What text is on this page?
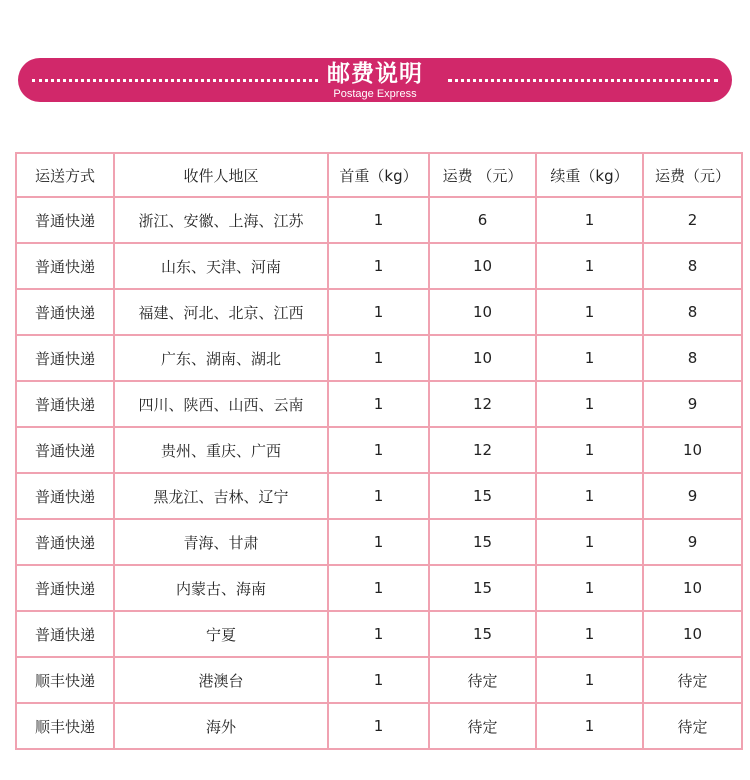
邮费说明
Postage Express
运送方式	收件人地区	首重（kg）	运费 （元）	续重（kg）	运费（元）
普通快递	浙江、安徽、上海、江苏	1	6	1	2
普通快递	山东、天津、河南	1	10	1	8
普通快递	福建、河北、北京、江西	1	10	1	8
普通快递	广东、湖南、湖北	1	10	1	8
普通快递	四川、陕西、山西、云南	1	12	1	9
普通快递	贵州、重庆、广西	1	12	1	10
普通快递	黑龙江、吉林、辽宁	1	15	1	9
普通快递	青海、甘肃	1	15	1	9
普通快递	内蒙古、海南	1	15	1	10
普通快递	宁夏	1	15	1	10
顺丰快递	港澳台	1	待定	1	待定
顺丰快递	海外	1	待定	1	待定
